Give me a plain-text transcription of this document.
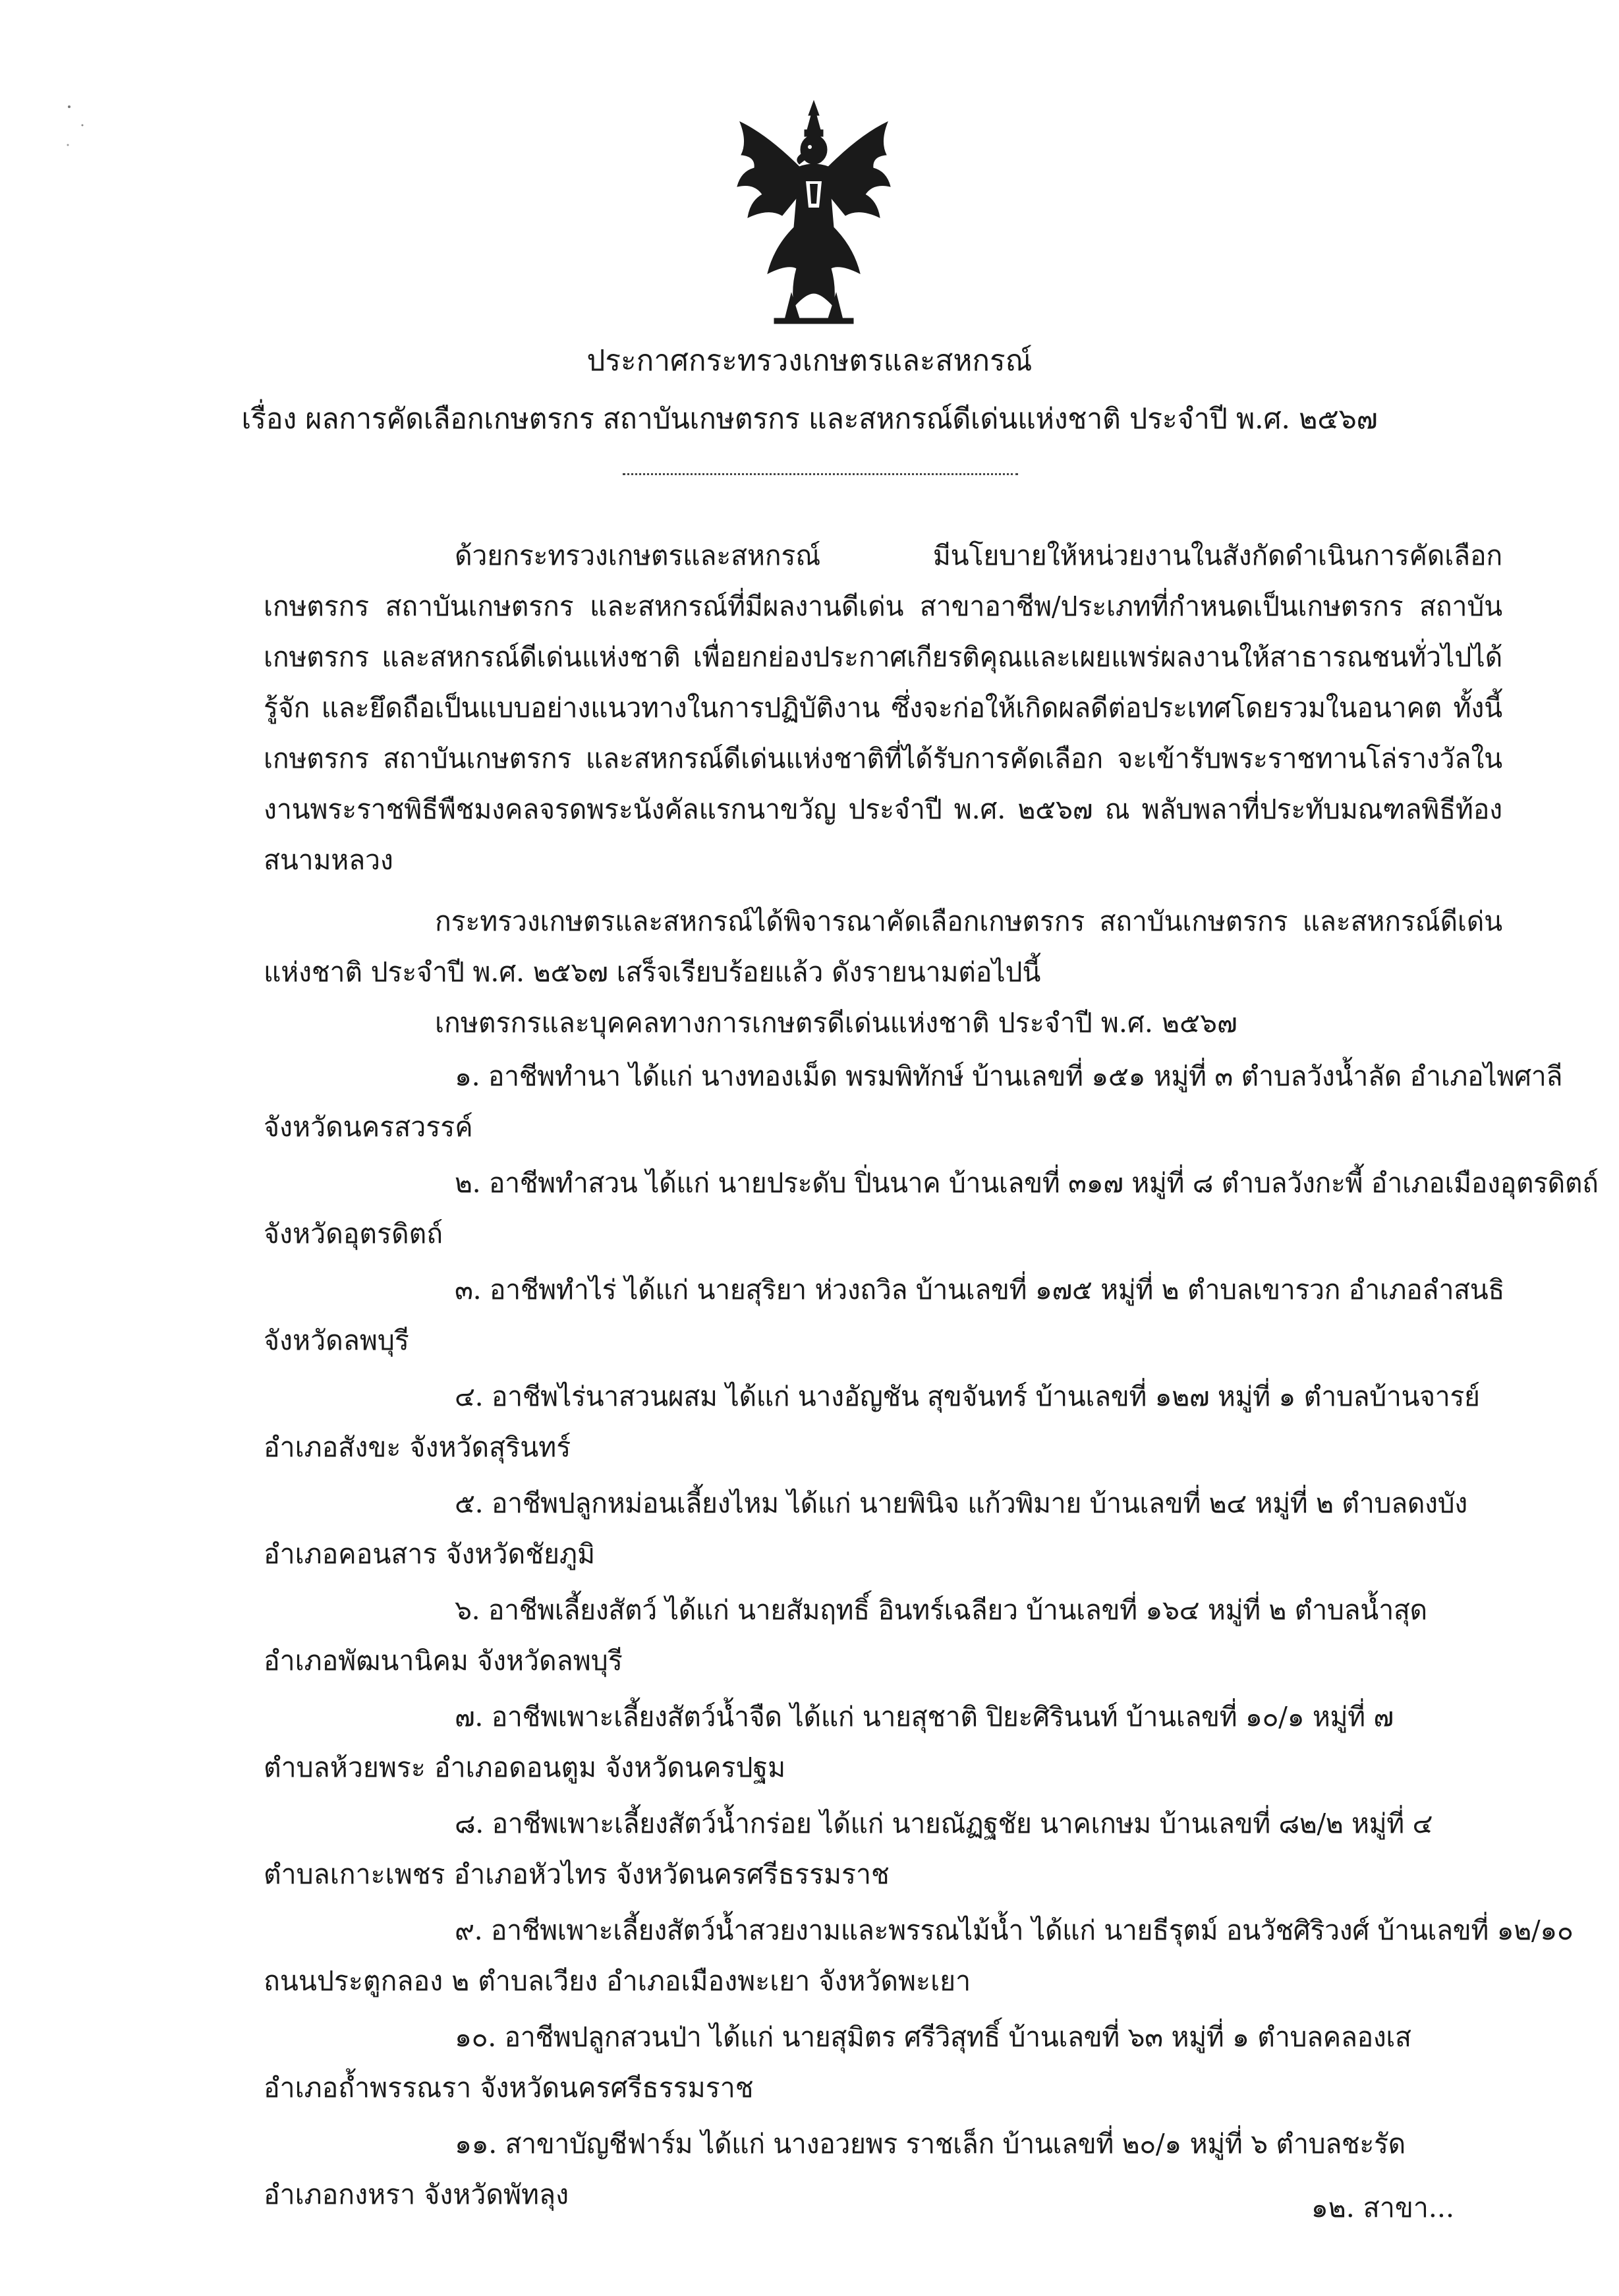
ประกาศกระทรวงเกษตรและสหกรณ์
เรื่อง ผลการคัดเลือกเกษตรกร สถาบันเกษตรกร และสหกรณ์ดีเด่นแห่งชาติ ประจำปี พ.ศ. ๒๕๖๗

ด้วยกระทรวงเกษตรและสหกรณ์ มีนโยบายให้หน่วยงานในสังกัดดำเนินการคัดเลือกเกษตรกร สถาบันเกษตรกร และสหกรณ์ที่มีผลงานดีเด่น สาขาอาชีพ/ประเภทที่กำหนดเป็นเกษตรกร สถาบันเกษตรกร และสหกรณ์ดีเด่นแห่งชาติ เพื่อยกย่องประกาศเกียรติคุณและเผยแพร่ผลงานให้สาธารณชนทั่วไปได้รู้จัก และยึดถือเป็นแบบอย่างแนวทางในการปฏิบัติงาน ซึ่งจะก่อให้เกิดผลดีต่อประเทศโดยรวมในอนาคต ทั้งนี้ เกษตรกร สถาบันเกษตรกร และสหกรณ์ดีเด่นแห่งชาติที่ได้รับการคัดเลือก จะเข้ารับพระราชทานโล่รางวัลในงานพระราชพิธีพืชมงคลจรดพระนังคัลแรกนาขวัญ ประจำปี พ.ศ. ๒๕๖๗ ณ พลับพลาที่ประทับมณฑลพิธีท้องสนามหลวง

กระทรวงเกษตรและสหกรณ์ได้พิจารณาคัดเลือกเกษตรกร สถาบันเกษตรกร และสหกรณ์ดีเด่นแห่งชาติ ประจำปี พ.ศ. ๒๕๖๗ เสร็จเรียบร้อยแล้ว ดังรายนามต่อไปนี้

เกษตรกรและบุคคลทางการเกษตรดีเด่นแห่งชาติ ประจำปี พ.ศ. ๒๕๖๗

๑. อาชีพทำนา ได้แก่ นางทองเม็ด พรมพิทักษ์ บ้านเลขที่ ๑๕๑ หมู่ที่ ๓ ตำบลวังน้ำลัด อำเภอไพศาลี
จังหวัดนครสวรรค์
๒. อาชีพทำสวน ได้แก่ นายประดับ ปิ่นนาค บ้านเลขที่ ๓๑๗ หมู่ที่ ๘ ตำบลวังกะพี้ อำเภอเมืองอุตรดิตถ์
จังหวัดอุตรดิตถ์
๓. อาชีพทำไร่ ได้แก่ นายสุริยา ห่วงถวิล บ้านเลขที่ ๑๗๕ หมู่ที่ ๒ ตำบลเขารวก อำเภอลำสนธิ
จังหวัดลพบุรี
๔. อาชีพไร่นาสวนผสม ได้แก่ นางอัญชัน สุขจันทร์ บ้านเลขที่ ๑๒๗ หมู่ที่ ๑ ตำบลบ้านจารย์
อำเภอสังขะ จังหวัดสุรินทร์
๕. อาชีพปลูกหม่อนเลี้ยงไหม ได้แก่ นายพินิจ แก้วพิมาย บ้านเลขที่ ๒๔ หมู่ที่ ๒ ตำบลดงบัง
อำเภอคอนสาร จังหวัดชัยภูมิ
๖. อาชีพเลี้ยงสัตว์ ได้แก่ นายสัมฤทธิ์ อินทร์เฉลียว บ้านเลขที่ ๑๖๔ หมู่ที่ ๒ ตำบลน้ำสุด
อำเภอพัฒนานิคม จังหวัดลพบุรี
๗. อาชีพเพาะเลี้ยงสัตว์น้ำจืด ได้แก่ นายสุชาติ ปิยะศิรินนท์ บ้านเลขที่ ๑๐/๑ หมู่ที่ ๗
ตำบลห้วยพระ อำเภอดอนตูม จังหวัดนครปฐม
๘. อาชีพเพาะเลี้ยงสัตว์น้ำกร่อย ได้แก่ นายณัฏฐชัย นาคเกษม บ้านเลขที่ ๘๒/๒ หมู่ที่ ๔
ตำบลเกาะเพชร อำเภอหัวไทร จังหวัดนครศรีธรรมราช
๙. อาชีพเพาะเลี้ยงสัตว์น้ำสวยงามและพรรณไม้น้ำ ได้แก่ นายธีรุตม์ อนวัชศิริวงศ์ บ้านเลขที่ ๑๒/๑๐
ถนนประตูกลอง ๒ ตำบลเวียง อำเภอเมืองพะเยา จังหวัดพะเยา
๑๐. อาชีพปลูกสวนป่า ได้แก่ นายสุมิตร ศรีวิสุทธิ์ บ้านเลขที่ ๖๓ หมู่ที่ ๑ ตำบลคลองเส
อำเภอถ้ำพรรณรา จังหวัดนครศรีธรรมราช
๑๑. สาขาบัญชีฟาร์ม ได้แก่ นางอวยพร ราชเล็ก บ้านเลขที่ ๒๐/๑ หมู่ที่ ๖ ตำบลชะรัด
อำเภอกงหรา จังหวัดพัทลุง	๑๒. สาขา...
